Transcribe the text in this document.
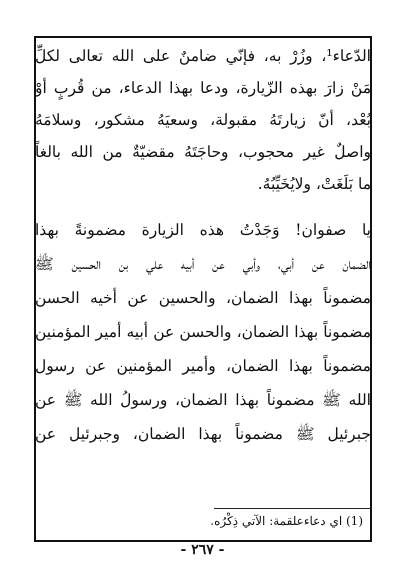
الدّعاء¹، وزُرْ به، فإنّي ضامنٌ على الله تعالى لكلِّ
مَنْ زارَ بهذه الزّيارة، ودعا بهذا الدعاء، من قُربٍ أوْ
بُعْد، أنّ زيارتَهُ مقبولة، وسعيَهُ مشكور، وسلامَهُ
واصلٌ غير محجوب، وحاجَتَهُ مقضيّةٌ من الله بالغاً
ما بَلَغَتْ، ولايُخَيِّبُهُ.
يا صفوان! وَجَدْتُ هذه الزيارة مضمونةً بهذا
الضمان عن أبي، وأبي عن أبيه علي بن الحسين ﷺ
مضموناً بهذا الضمان، والحسين عن أخيه الحسن
مضموناً بهذا الضمان، والحسن عن أبيه أمير المؤمنين
مضموناً بهذا الضمان، وأمير المؤمنين عن رسول
الله ﷺ مضموناً بهذا الضمان، ورسولُ الله ﷺ عن
جبرئيل ﷺ مضموناً بهذا الضمان، وجبرئيل عن
(1) اي دعاءعلقمة: الآتي ذِكْرُه.
- ٢٦٧ -
